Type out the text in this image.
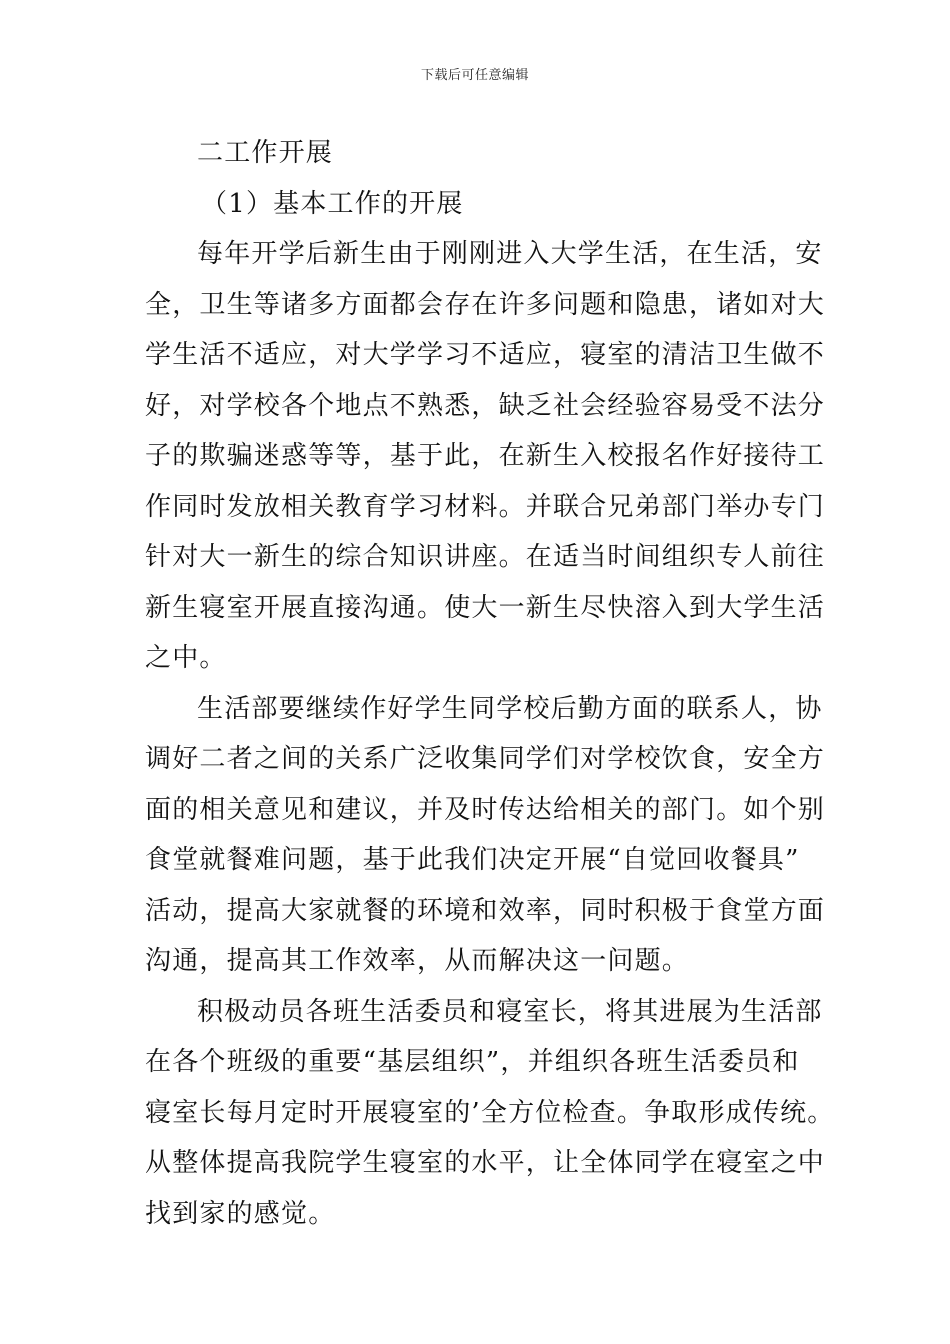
下载后可任意编辑
二工作开展
（1）基本工作的开展
每年开学后新生由于刚刚进入大学生活，在生活，安
全，卫生等诸多方面都会存在许多问题和隐患，诸如对大
学生活不适应，对大学学习不适应，寝室的清洁卫生做不
好，对学校各个地点不熟悉，缺乏社会经验容易受不法分
子的欺骗迷惑等等，基于此，在新生入校报名作好接待工
作同时发放相关教育学习材料。并联合兄弟部门举办专门
针对大一新生的综合知识讲座。在适当时间组织专人前往
新生寝室开展直接沟通。使大一新生尽快溶入到大学生活
之中。
生活部要继续作好学生同学校后勤方面的联系人，协
调好二者之间的关系广泛收集同学们对学校饮食，安全方
面的相关意见和建议，并及时传达给相关的部门。如个别
食堂就餐难问题，基于此我们决定开展“自觉回收餐具”
活动，提高大家就餐的环境和效率，同时积极于食堂方面
沟通，提高其工作效率，从而解决这一问题。
积极动员各班生活委员和寝室长，将其进展为生活部
在各个班级的重要“基层组织”，并组织各班生活委员和
寝室长每月定时开展寝室的’全方位检查。争取形成传统。
从整体提高我院学生寝室的水平，让全体同学在寝室之中
找到家的感觉。
